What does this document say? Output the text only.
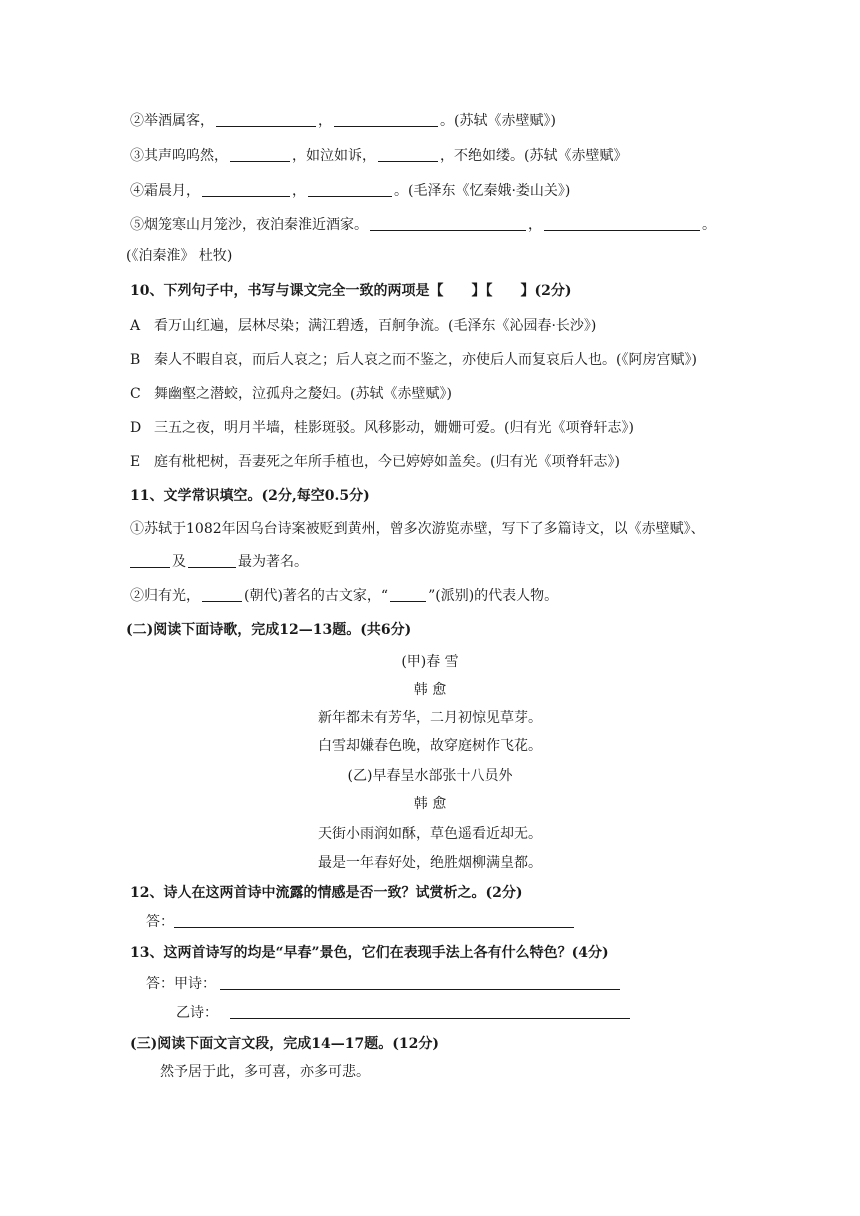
②举酒属客，	，	。(苏轼《赤壁赋》)
③其声呜呜然，	，如泣如诉，	，不绝如缕。(苏轼《赤壁赋》
④霜晨月，	，	。(毛泽东《忆秦娥·娄山关》)
⑤烟笼寒山月笼沙，夜泊秦淮近酒家。	，	。
(《泊秦淮》 杜牧)
10、下列句子中，书写与课文完全一致的两项是【　　】【　　】(2分)
A 看万山红遍，层林尽染；满江碧透，百舸争流。(毛泽东《沁园春·长沙》)
B 秦人不暇自哀，而后人哀之；后人哀之而不鉴之，亦使后人而复哀后人也。(《阿房宫赋》)
C 舞幽壑之潜蛟，泣孤舟之嫠妇。(苏轼《赤壁赋》)
D 三五之夜，明月半墙，桂影斑驳。风移影动，姗姗可爱。(归有光《项脊轩志》)
E 庭有枇杷树，吾妻死之年所手植也，今已婷婷如盖矣。(归有光《项脊轩志》)
11、文学常识填空。(2分,每空0.5分)
①苏轼于1082年因乌台诗案被贬到黄州，曾多次游览赤壁，写下了多篇诗文，以《赤壁赋》、
及	最为著名。
②归有光，	(朝代)著名的古文家，“	”(派别)的代表人物。
(二)阅读下面诗歌，完成12—13题。(共6分)
(甲)春 雪
韩 愈
新年都未有芳华，二月初惊见草芽。
白雪却嫌春色晚，故穿庭树作飞花。
(乙)早春呈水部张十八员外
韩 愈
天街小雨润如酥，草色遥看近却无。
最是一年春好处，绝胜烟柳满皇都。
12、诗人在这两首诗中流露的情感是否一致？试赏析之。(2分)
答：
13、这两首诗写的均是“早春”景色，它们在表现手法上各有什么特色？(4分)
答：甲诗：
乙诗：
(三)阅读下面文言文段，完成14—17题。(12分)
然予居于此，多可喜，亦多可悲。
